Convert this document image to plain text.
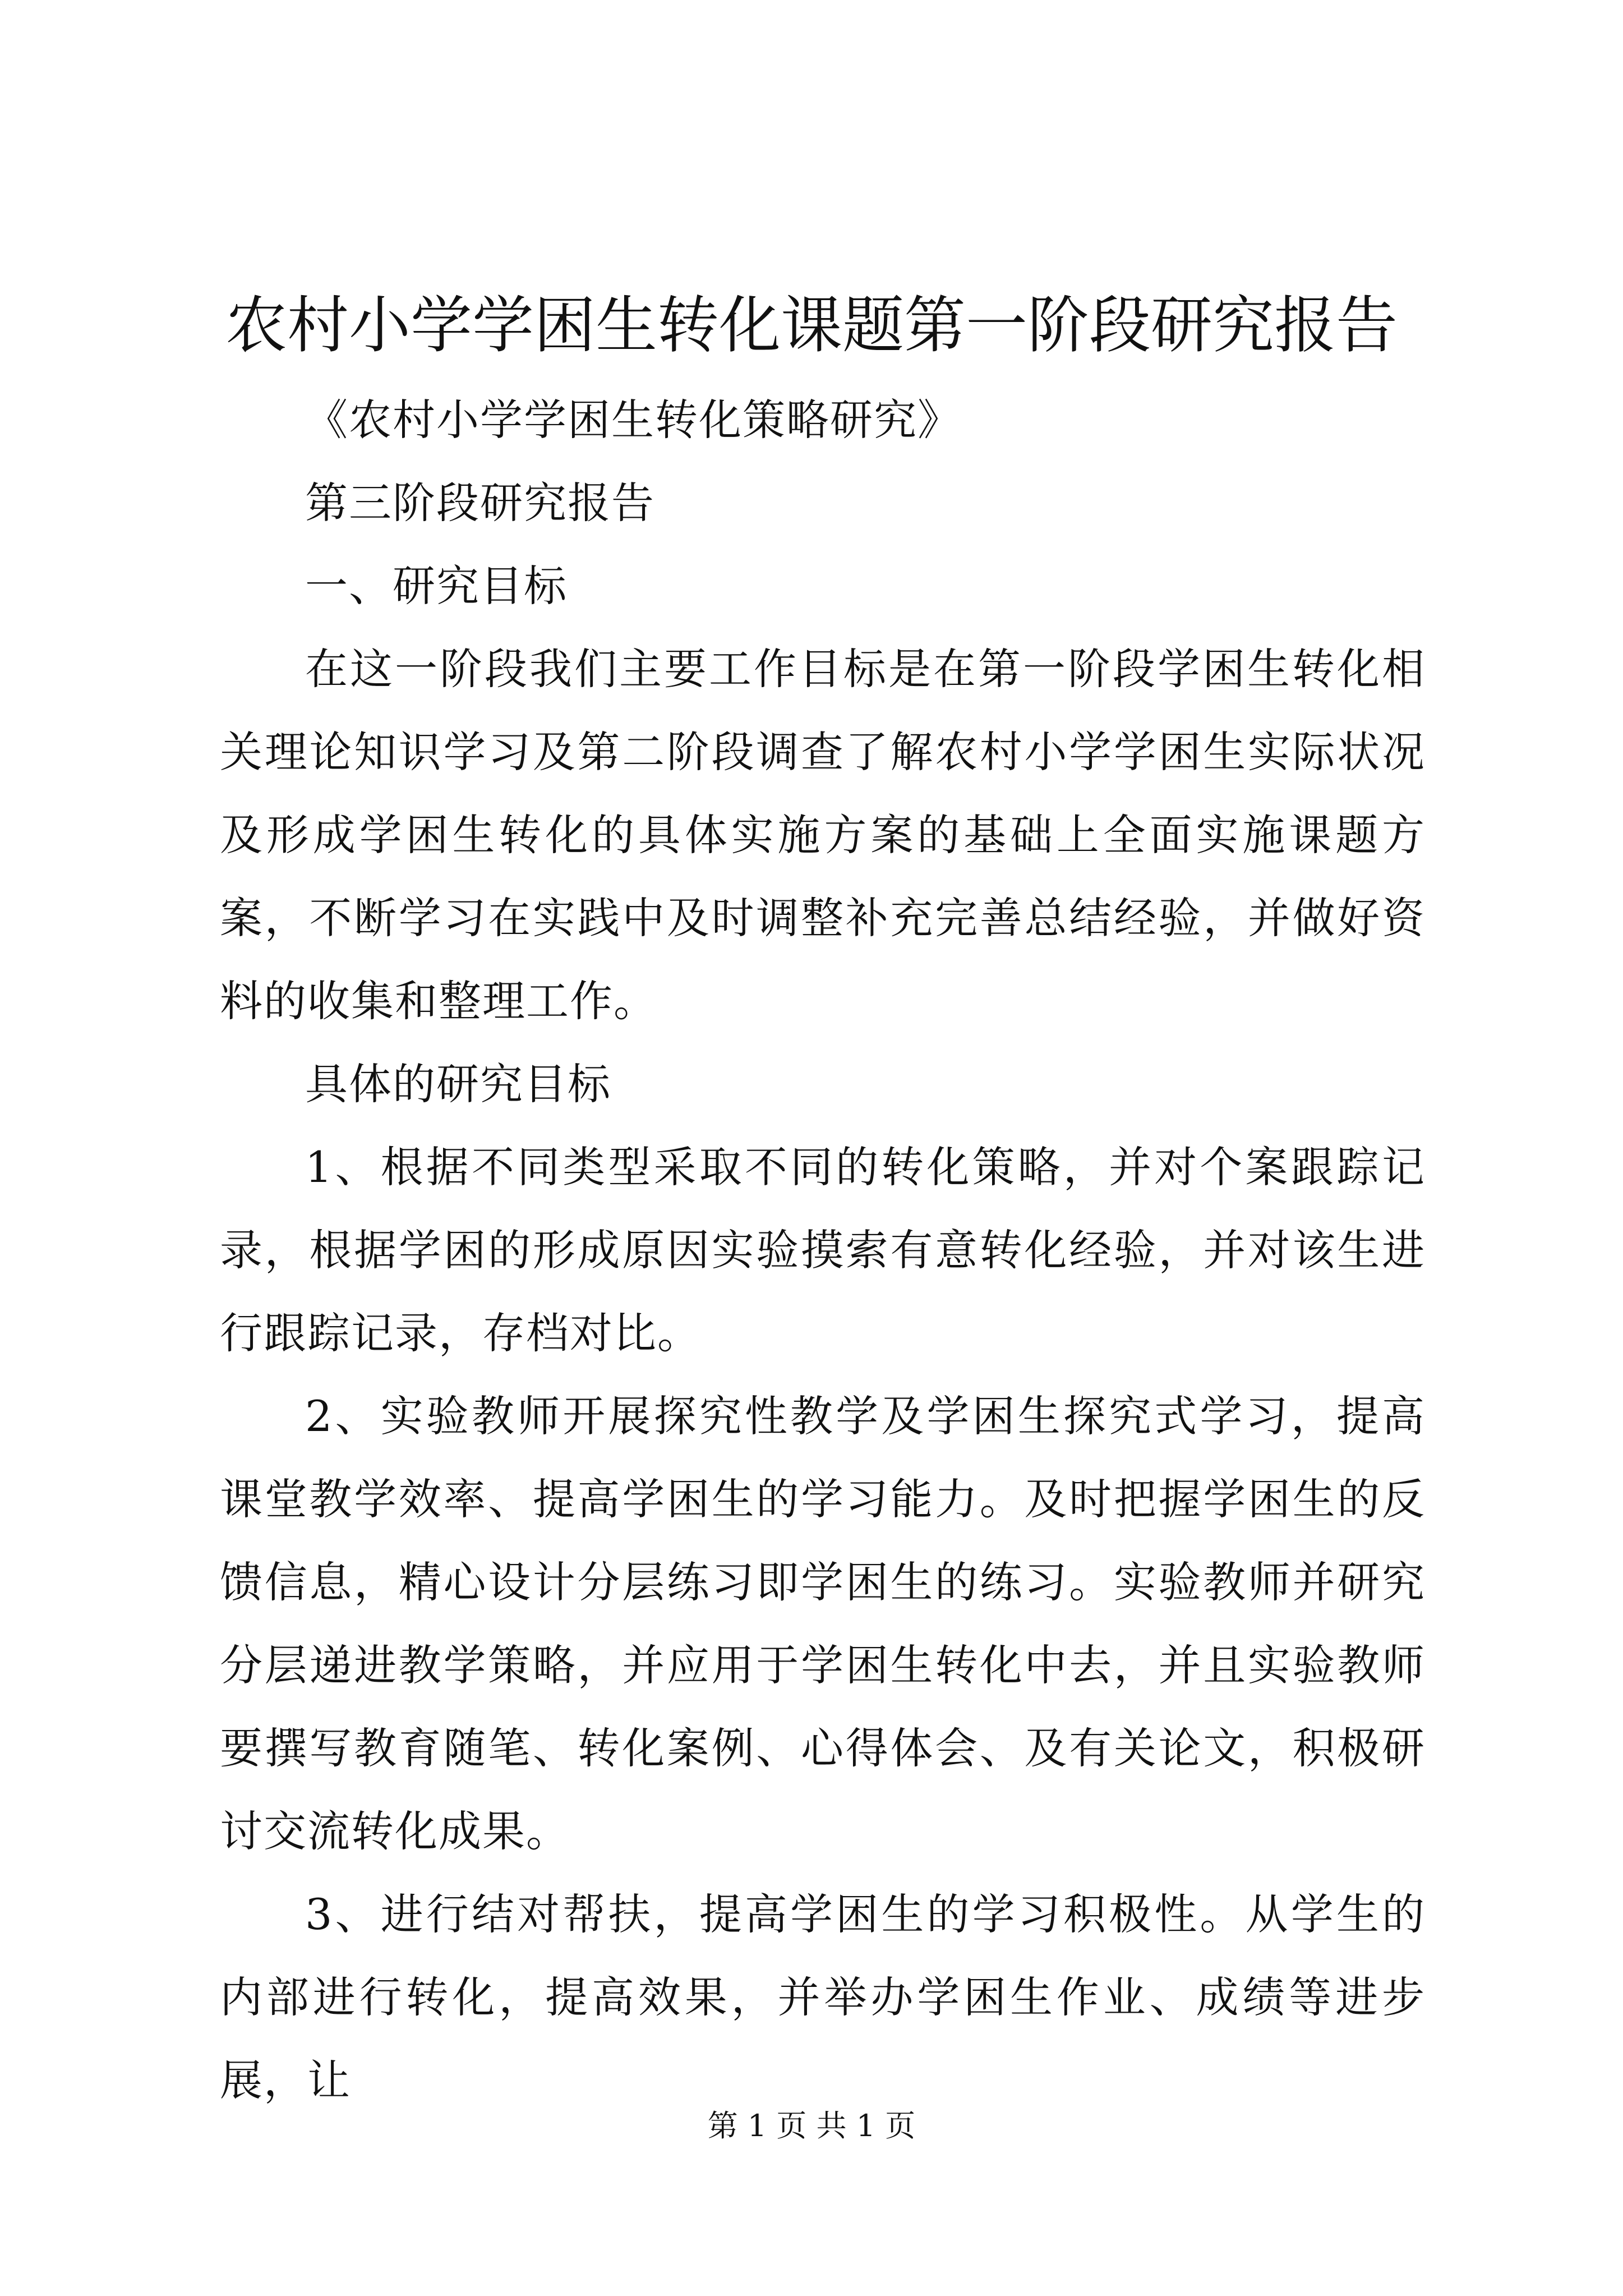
农村小学学困生转化课题第一阶段研究报告

《农村小学学困生转化策略研究》

第三阶段研究报告

一、研究目标

在这一阶段我们主要工作目标是在第一阶段学困生转化相关理论知识学习及第二阶段调查了解农村小学学困生实际状况及形成学困生转化的具体实施方案的基础上全面实施课题方案，不断学习在实践中及时调整补充完善总结经验，并做好资料的收集和整理工作。

具体的研究目标

1、根据不同类型采取不同的转化策略，并对个案跟踪记录，根据学困的形成原因实验摸索有意转化经验，并对该生进行跟踪记录，存档对比。

2、实验教师开展探究性教学及学困生探究式学习，提高课堂教学效率、提高学困生的学习能力。及时把握学困生的反馈信息，精心设计分层练习即学困生的练习。实验教师并研究分层递进教学策略，并应用于学困生转化中去，并且实验教师要撰写教育随笔、转化案例、心得体会、及有关论文，积极研讨交流转化成果。

3、进行结对帮扶，提高学困生的学习积极性。从学生的内部进行转化，提高效果，并举办学困生作业、成绩等进步展，让

第 1 页 共 1 页
